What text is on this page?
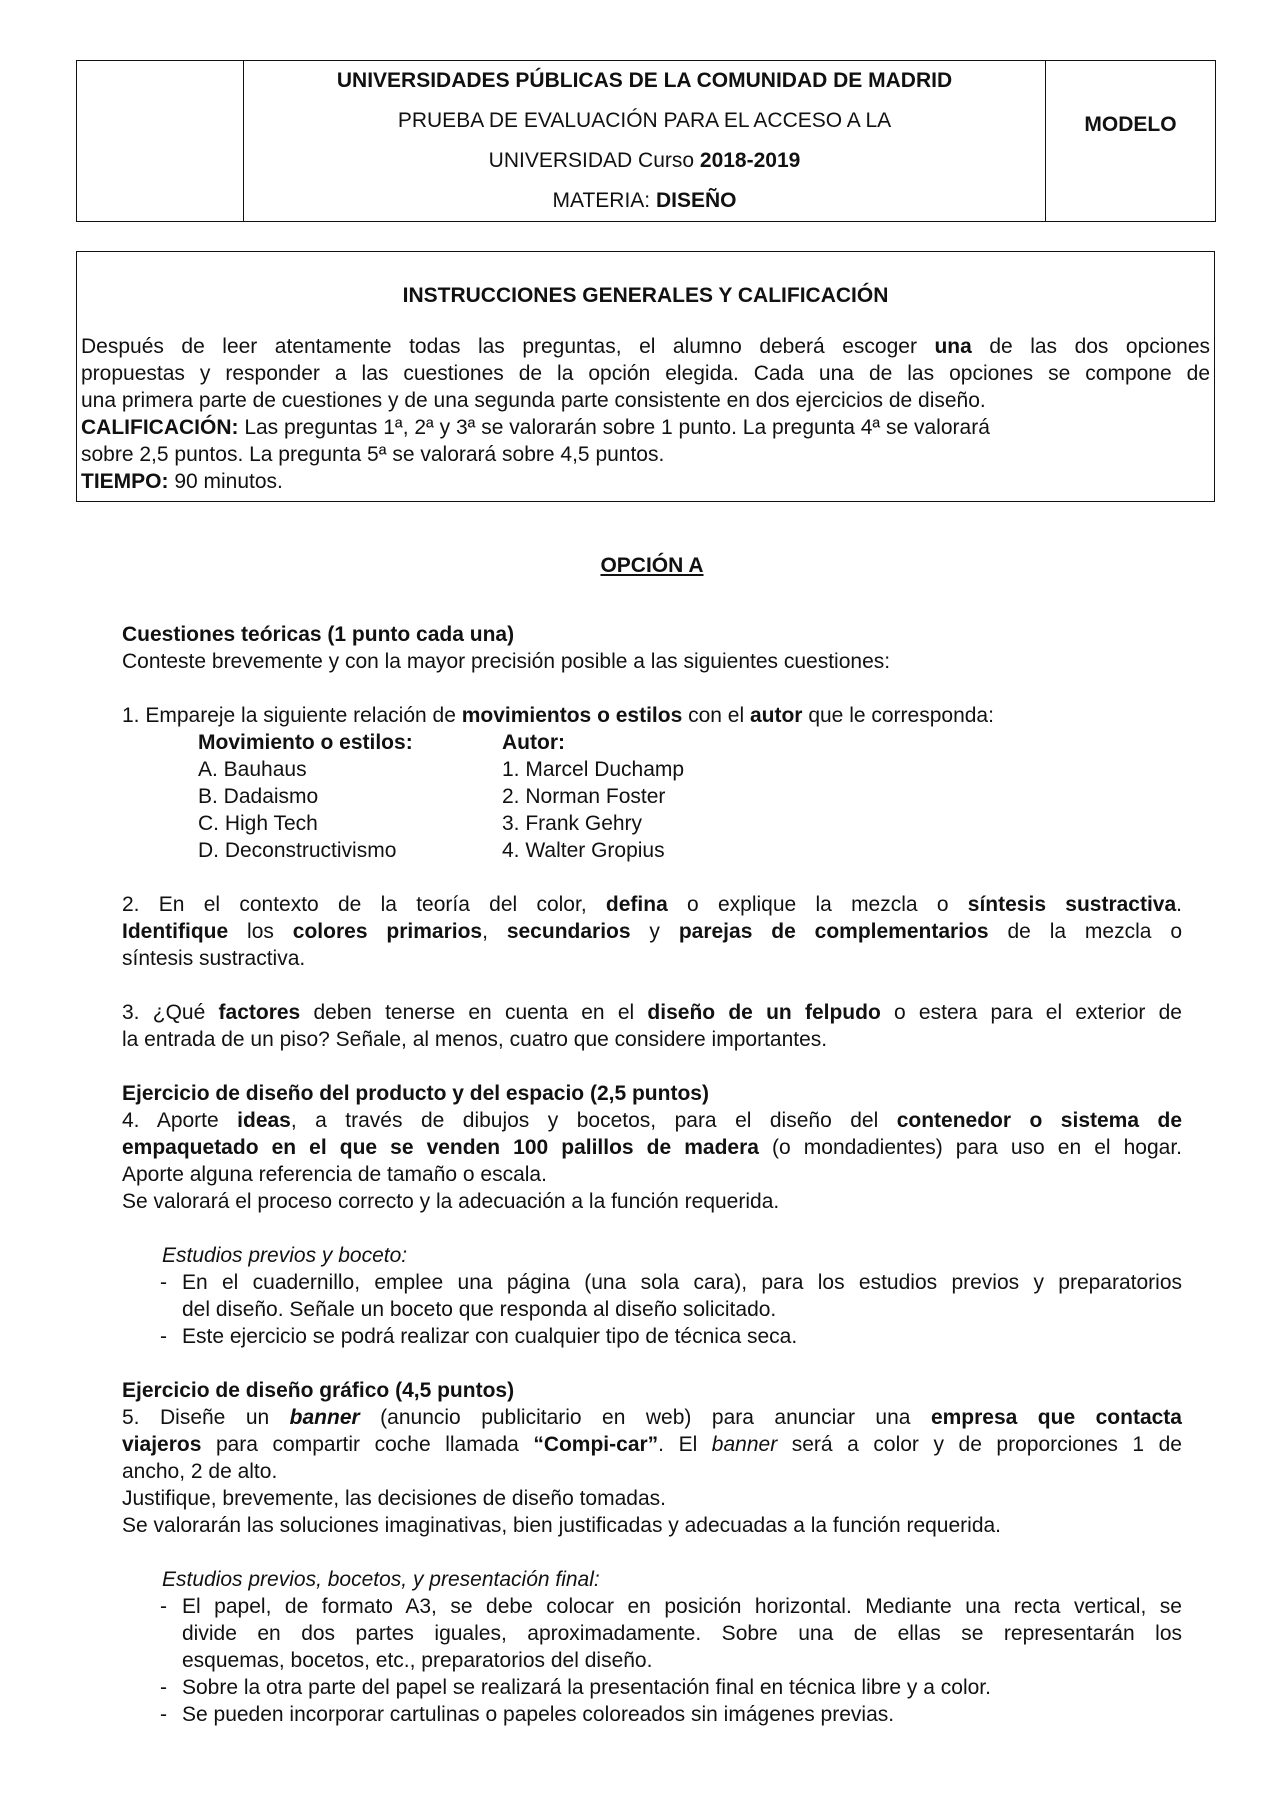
UNIVERSIDADES PÚBLICAS DE LA COMUNIDAD DE MADRID
PRUEBA DE EVALUACIÓN PARA EL ACCESO A LA
UNIVERSIDAD Curso 2018-2019
MATERIA: DISEÑO
	MODELO
INSTRUCCIONES GENERALES Y CALIFICACIÓN
Después de leer atentamente todas las preguntas, el alumno deberá escoger una de las dos opciones
propuestas y responder a las cuestiones de la opción elegida. Cada una de las opciones se compone de
una primera parte de cuestiones y de una segunda parte consistente en dos ejercicios de diseño.
CALIFICACIÓN: Las preguntas 1ª, 2ª y 3ª se valorarán sobre 1 punto. La pregunta 4ª se valorará
sobre 2,5 puntos. La pregunta 5ª se valorará sobre 4,5 puntos.
TIEMPO: 90 minutos.
OPCIÓN A
Cuestiones teóricas (1 punto cada una)
Conteste brevemente y con la mayor precisión posible a las siguientes cuestiones:
1. Empareje la siguiente relación de movimientos o estilos con el autor que le corresponda:
Movimiento o estilos:	Autor:
A. Bauhaus	1. Marcel Duchamp
B. Dadaismo	2. Norman Foster
C. High Tech	3. Frank Gehry
D. Deconstructivismo	4. Walter Gropius
2. En el contexto de la teoría del color, defina o explique la mezcla o síntesis sustractiva.
Identifique los colores primarios, secundarios y parejas de complementarios de la mezcla o
síntesis sustractiva.
3. ¿Qué factores deben tenerse en cuenta en el diseño de un felpudo o estera para el exterior de
la entrada de un piso? Señale, al menos, cuatro que considere importantes.
Ejercicio de diseño del producto y del espacio (2,5 puntos)
4. Aporte ideas, a través de dibujos y bocetos, para el diseño del contenedor o sistema de
empaquetado en el que se venden 100 palillos de madera (o mondadientes) para uso en el hogar.
Aporte alguna referencia de tamaño o escala.
Se valorará el proceso correcto y la adecuación a la función requerida.
Estudios previos y boceto:
- En el cuadernillo, emplee una página (una sola cara), para los estudios previos y preparatorios
del diseño. Señale un boceto que responda al diseño solicitado.
- Este ejercicio se podrá realizar con cualquier tipo de técnica seca.
Ejercicio de diseño gráfico (4,5 puntos)
5. Diseñe un banner (anuncio publicitario en web) para anunciar una empresa que contacta
viajeros para compartir coche llamada “Compi-car”. El banner será a color y de proporciones 1 de
ancho, 2 de alto.
Justifique, brevemente, las decisiones de diseño tomadas.
Se valorarán las soluciones imaginativas, bien justificadas y adecuadas a la función requerida.
Estudios previos, bocetos, y presentación final:
- El papel, de formato A3, se debe colocar en posición horizontal. Mediante una recta vertical, se
divide en dos partes iguales, aproximadamente. Sobre una de ellas se representarán los
esquemas, bocetos, etc., preparatorios del diseño.
- Sobre la otra parte del papel se realizará la presentación final en técnica libre y a color.
- Se pueden incorporar cartulinas o papeles coloreados sin imágenes previas.
